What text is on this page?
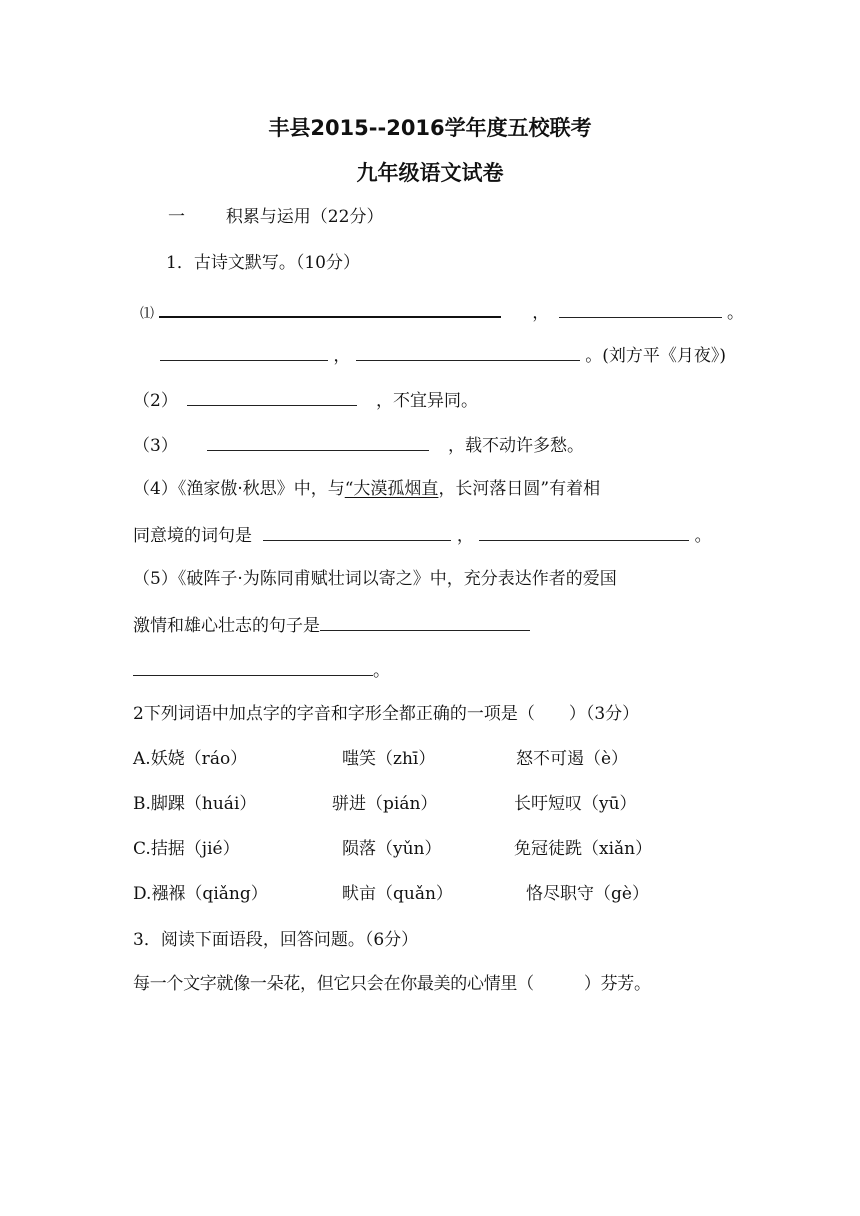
丰县2015--2016学年度五校联考
九年级语文试卷
一 积累与运用（22分）
1．古诗文默写。（10分）
⑴	，	。
，	。(刘方平《月夜》)
（2）	，不宜异同。
（3）	，载不动许多愁。
（4）《渔家傲·秋思》中，与“大漠孤烟直，长河落日圆”有着相
同意境的词句是	，	。
（5）《破阵子·为陈同甫赋壮词以寄之》中，充分表达作者的爱国
激情和雄心壮志的句子是
。
2下列词语中加点字的字音和字形全都正确的一项是（　　）（3分）
A.妖娆（ráo）	嗤笑（zhī）	怒不可遏（è）
B.脚踝（huái）	骈进（pián）	长吁短叹（yū）
C.拮据（jié）	陨落（yǔn）	免冠徒跣（xiǎn）
D.襁褓（qiǎng）	畎亩（quǎn）	恪尽职守（gè）
3．阅读下面语段，回答问题。（6分）
每一个文字就像一朵花，但它只会在你最美的心情里（　　　）芬芳。
